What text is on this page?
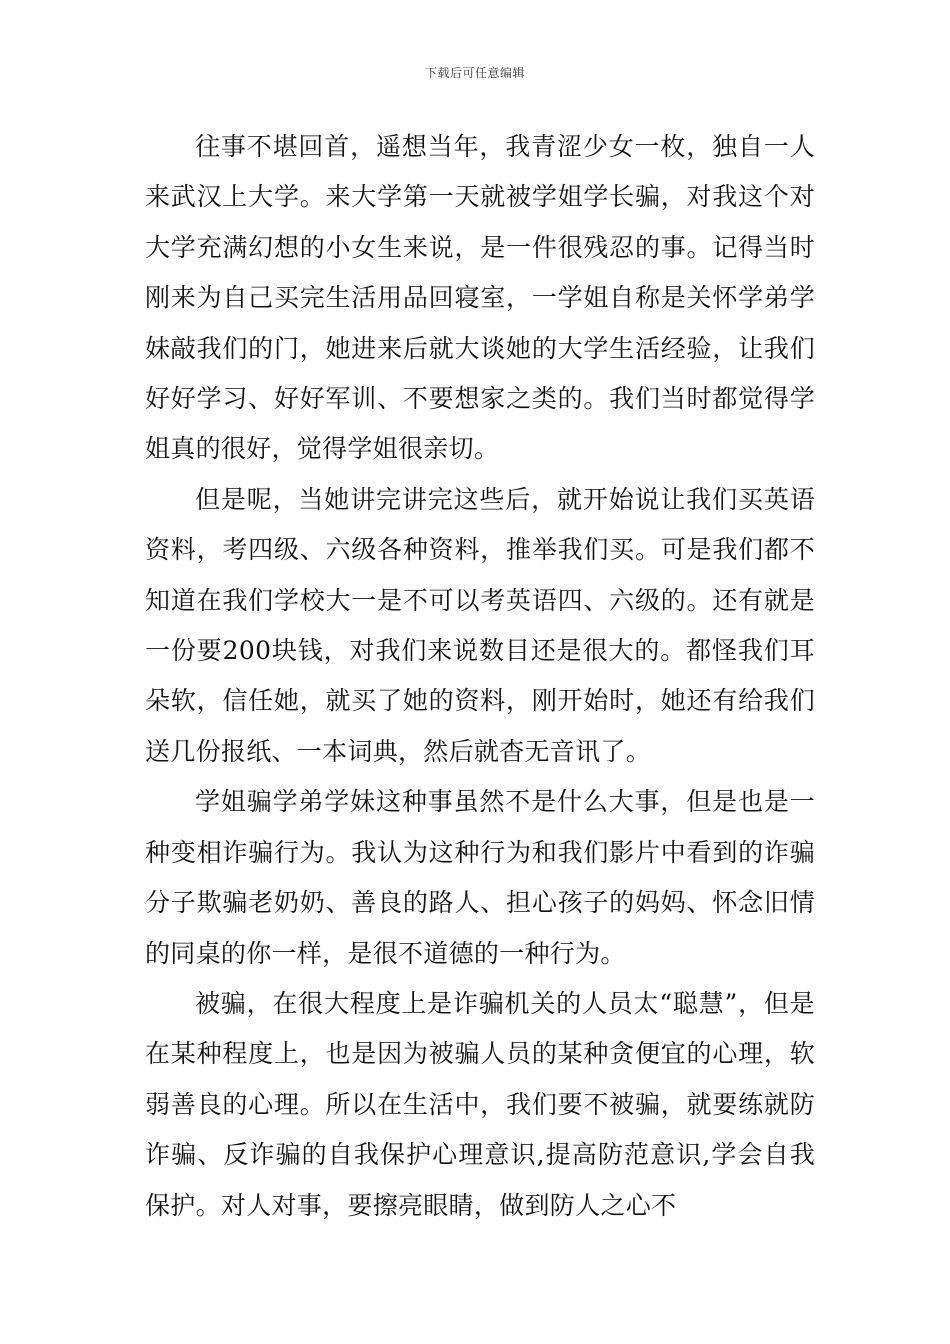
下载后可任意编辑

往事不堪回首，遥想当年，我青涩少女一枚，独自一人来武汉上大学。来大学第一天就被学姐学长骗，对我这个对大学充满幻想的小女生来说，是一件很残忍的事。记得当时刚来为自己买完生活用品回寝室，一学姐自称是关怀学弟学妹敲我们的门，她进来后就大谈她的大学生活经验，让我们好好学习、好好军训、不要想家之类的。我们当时都觉得学姐真的很好，觉得学姐很亲切。

但是呢，当她讲完讲完这些后，就开始说让我们买英语资料，考四级、六级各种资料，推举我们买。可是我们都不知道在我们学校大一是不可以考英语四、六级的。还有就是一份要200块钱，对我们来说数目还是很大的。都怪我们耳朵软，信任她，就买了她的资料，刚开始时，她还有给我们送几份报纸、一本词典，然后就杳无音讯了。

学姐骗学弟学妹这种事虽然不是什么大事，但是也是一种变相诈骗行为。我认为这种行为和我们影片中看到的诈骗分子欺骗老奶奶、善良的路人、担心孩子的妈妈、怀念旧情的同桌的你一样，是很不道德的一种行为。

被骗，在很大程度上是诈骗机关的人员太“聪慧”，但是在某种程度上，也是因为被骗人员的某种贪便宜的心理，软弱善良的心理。所以在生活中，我们要不被骗，就要练就防诈骗、反诈骗的自我保护心理意识,提高防范意识,学会自我保护。对人对事，要擦亮眼睛，做到防人之心不
